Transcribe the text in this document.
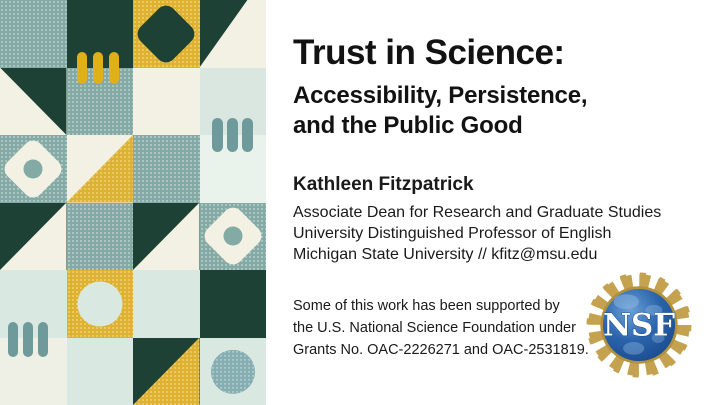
Trust in Science:
Accessibility, Persistence,
and the Public Good
Kathleen Fitzpatrick
Associate Dean for Research and Graduate Studies
University Distinguished Professor of English
Michigan State University // kfitz@msu.edu
Some of this work has been supported by
the U.S. National Science Foundation under
Grants No. OAC-2226271 and OAC-2531819.
NSF
